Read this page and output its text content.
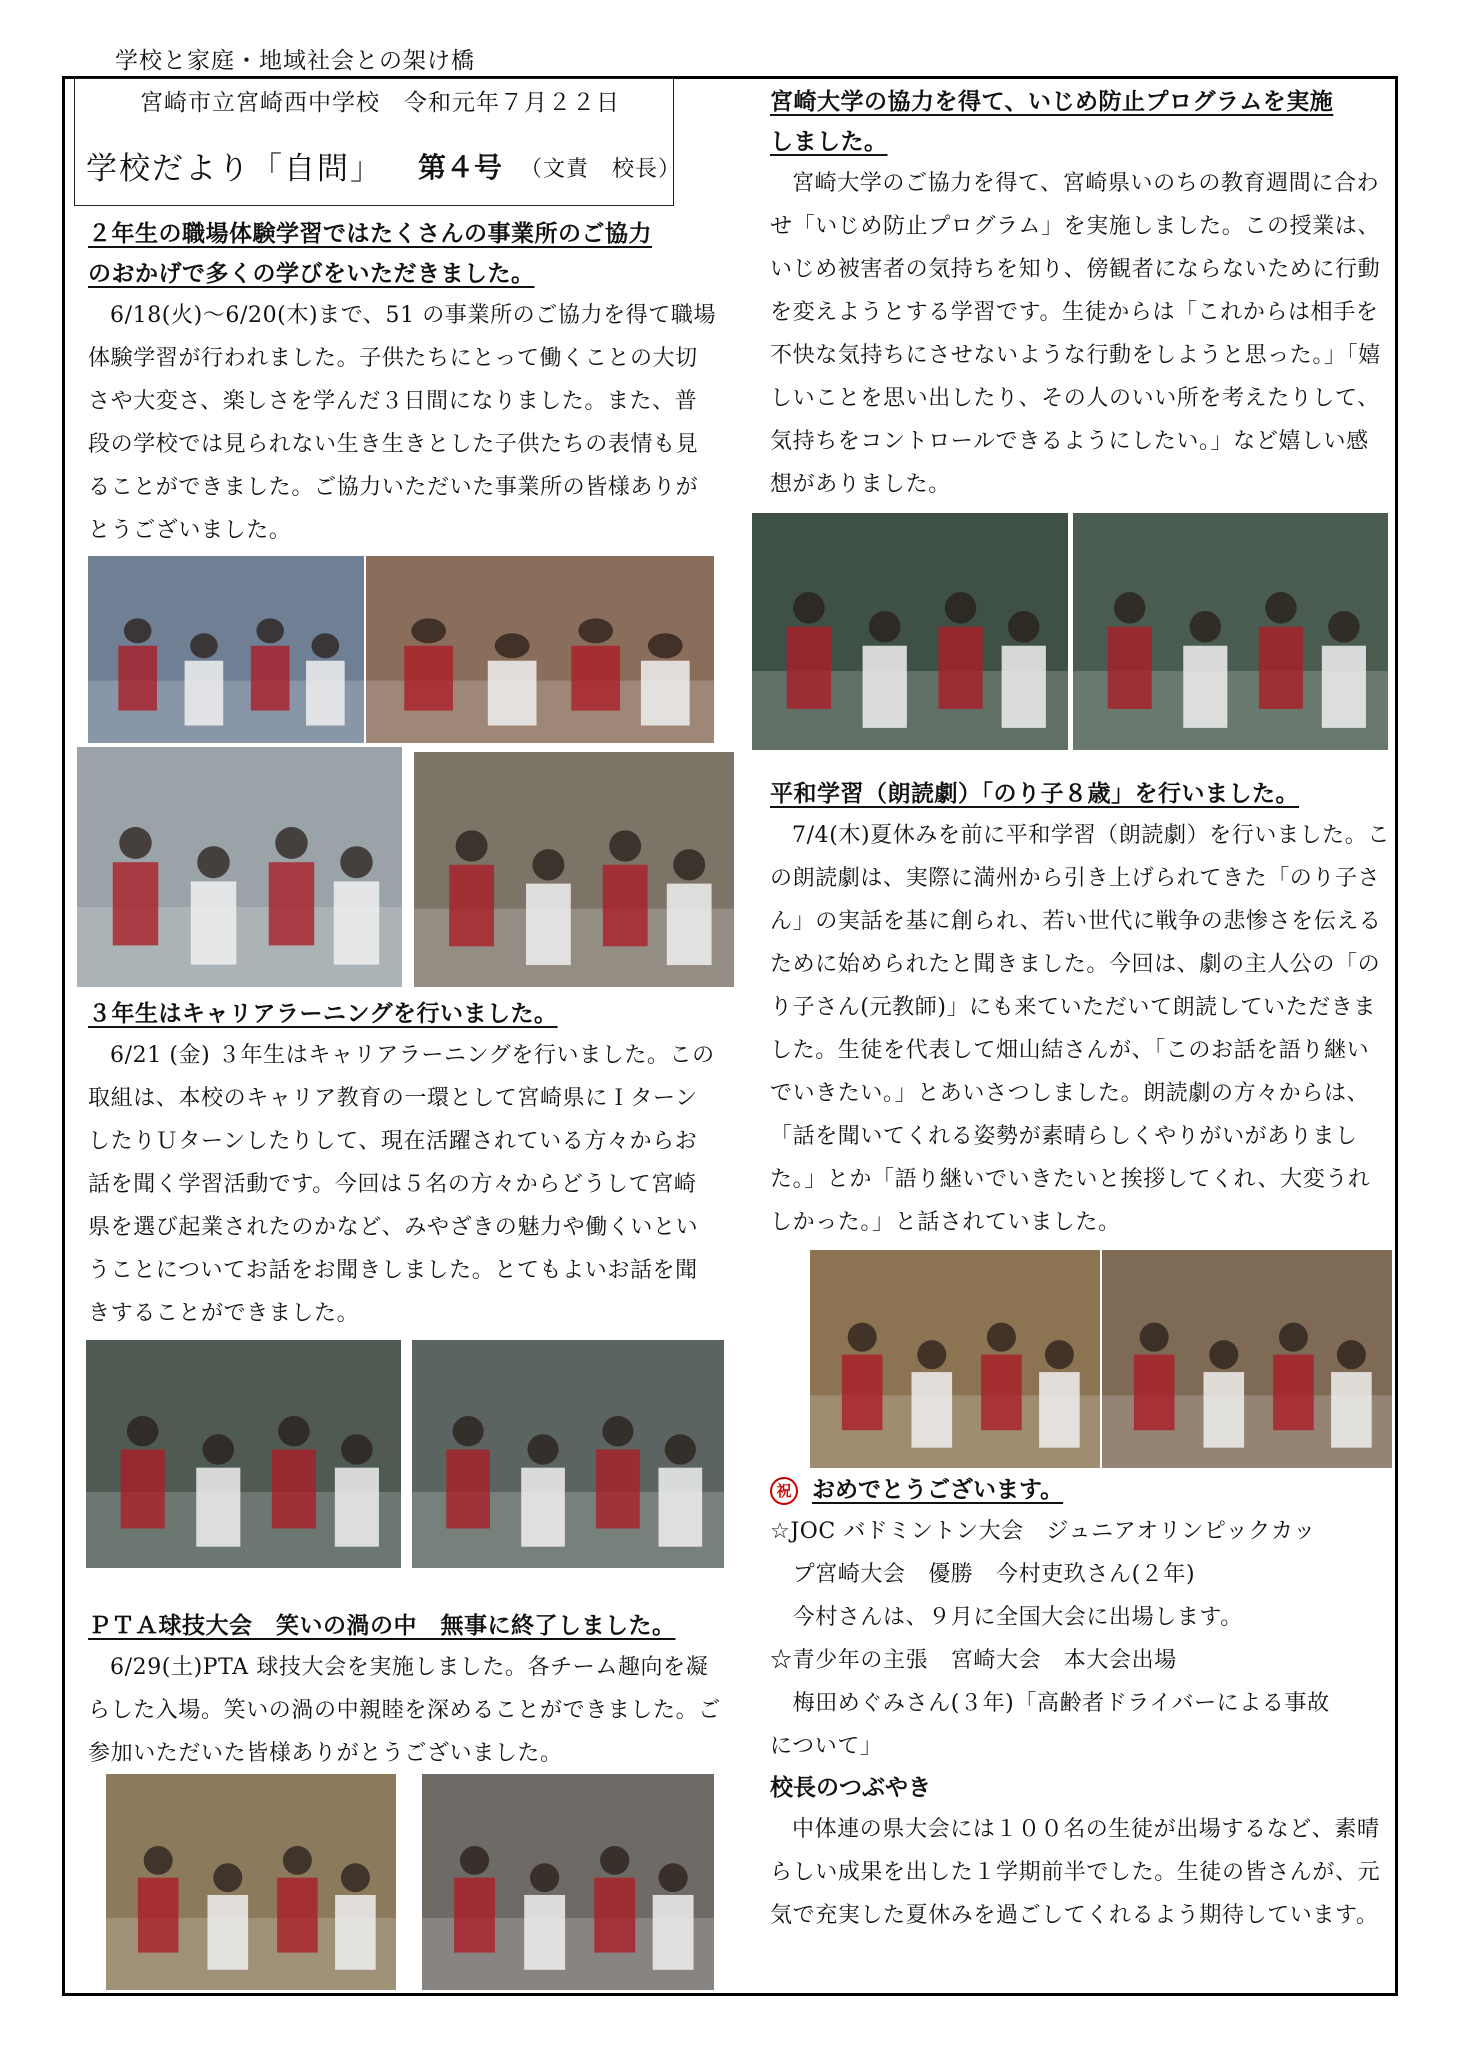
学校と家庭・地域社会との架け橋
宮崎市立宮崎西中学校　令和元年７月２２日
学校だより「自問」 第４号 （文責　校長）
２年生の職場体験学習ではたくさんの事業所のご協力
のおかげで多くの学びをいただきました。

6/18(火)～6/20(木)まで、51 の事業所のご協力を得て職場体験学習が行われました。子供たちにとって働くことの大切さや大変さ、楽しさを学んだ３日間になりました。また、普段の学校では見られない生き生きとした子供たちの表情も見ることができました。ご協力いただいた事業所の皆様ありがとうございました。

３年生はキャリアラーニングを行いました。

6/21 (金) ３年生はキャリアラーニングを行いました。この取組は、本校のキャリア教育の一環として宮崎県にＩターンしたりＵターンしたりして、現在活躍されている方々からお話を聞く学習活動です。今回は５名の方々からどうして宮崎県を選び起業されたのかなど、みやざきの魅力や働くいということについてお話をお聞きしました。とてもよいお話を聞きすることができました。

ＰＴＡ球技大会　笑いの渦の中　無事に終了しました。

6/29(土)PTA 球技大会を実施しました。各チーム趣向を凝らした入場。笑いの渦の中親睦を深めることができました。ご参加いただいた皆様ありがとうございました。

宮崎大学の協力を得て、いじめ防止プログラムを実施
しました。

宮崎大学のご協力を得て、宮崎県いのちの教育週間に合わせ「いじめ防止プログラム」を実施しました。この授業は、いじめ被害者の気持ちを知り、傍観者にならないために行動を変えようとする学習です。生徒からは「これからは相手を不快な気持ちにさせないような行動をしようと思った。」「嬉しいことを思い出したり、その人のいい所を考えたりして、気持ちをコントロールできるようにしたい。」など嬉しい感想がありました。

平和学習（朗読劇）「のり子８歳」を行いました。

7/4(木)夏休みを前に平和学習（朗読劇）を行いました。この朗読劇は、実際に満州から引き上げられてきた「のり子さん」の実話を基に創られ、若い世代に戦争の悲惨さを伝えるために始められたと聞きました。今回は、劇の主人公の「のり子さん(元教師)」にも来ていただいて朗読していただきました。生徒を代表して畑山結さんが、「このお話を語り継いでいきたい。」とあいさつしました。朗読劇の方々からは、「話を聞いてくれる姿勢が素晴らしくやりがいがありました。」とか「語り継いでいきたいと挨拶してくれ、大変うれしかった。」と話されていました。

祝 おめでとうございます。
☆JOC バドミントン大会　ジュニアオリンピックカッ
　プ宮崎大会　優勝　今村吏玖さん(２年)
　今村さんは、９月に全国大会に出場します。
☆青少年の主張　宮崎大会　本大会出場
　梅田めぐみさん(３年)「高齢者ドライバーによる事故
について」
校長のつぶやき

中体連の県大会には１００名の生徒が出場するなど、素晴らしい成果を出した１学期前半でした。生徒の皆さんが、元気で充実した夏休みを過ごしてくれるよう期待しています。
